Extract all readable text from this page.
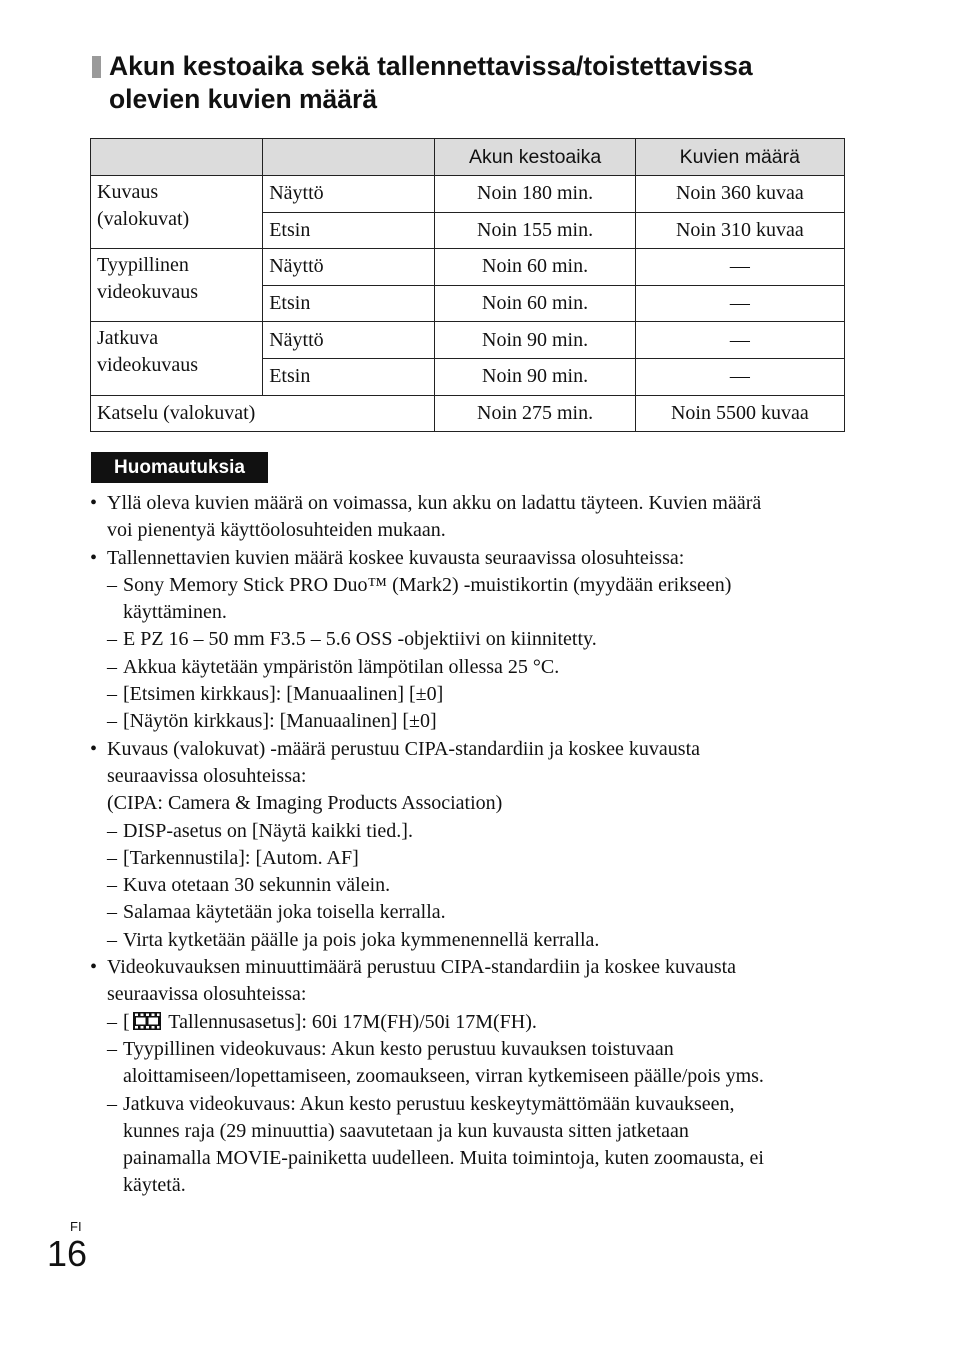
Akun kestoaika sekä tallennettavissa/toistettavissa
olevien kuvien määrä
		Akun kestoaika	Kuvien määrä

Kuvaus
(valokuvat)	Näyttö	Noin 180 min.	Noin 360 kuvaa
	Etsin	Noin 155 min.	Noin 310 kuvaa

Tyypillinen
videokuvaus	Näyttö	Noin 60 min.	—
	Etsin	Noin 60 min.	—

Jatkuva
videokuvaus	Näyttö	Noin 90 min.	—
	Etsin	Noin 90 min.	—
Katselu (valokuvat)		Noin 275 min.	Noin 5500 kuvaa
Huomautuksia
• Yllä oleva kuvien määrä on voimassa, kun akku on ladattu täyteen. Kuvien määrä
voi pienentyä käyttöolosuhteiden mukaan.
• Tallennettavien kuvien määrä koskee kuvausta seuraavissa olosuhteissa:
– Sony Memory Stick PRO Duo™ (Mark2) -muistikortin (myydään erikseen)
käyttäminen.
– E PZ 16 – 50 mm F3.5 – 5.6 OSS -objektiivi on kiinnitetty.
– Akkua käytetään ympäristön lämpötilan ollessa 25 °C.
– [Etsimen kirkkaus]: [Manuaalinen] [±0]
– [Näytön kirkkaus]: [Manuaalinen] [±0]
• Kuvaus (valokuvat) -määrä perustuu CIPA-standardiin ja koskee kuvausta
seuraavissa olosuhteissa:
(CIPA: Camera & Imaging Products Association)
– DISP-asetus on [Näytä kaikki tied.].
– [Tarkennustila]: [Autom. AF]
– Kuva otetaan 30 sekunnin välein.
– Salamaa käytetään joka toisella kerralla.
– Virta kytketään päälle ja pois joka kymmenennellä kerralla.
• Videokuvauksen minuuttimäärä perustuu CIPA-standardiin ja koskee kuvausta
seuraavissa olosuhteissa:
– [ Tallennusasetus]: 60i 17M(FH)/50i 17M(FH).
– Tyypillinen videokuvaus: Akun kesto perustuu kuvauksen toistuvaan
aloittamiseen/lopettamiseen, zoomaukseen, virran kytkemiseen päälle/pois yms.
– Jatkuva videokuvaus: Akun kesto perustuu keskeytymättömään kuvaukseen,
kunnes raja (29 minuuttia) saavutetaan ja kun kuvausta sitten jatketaan
painamalla MOVIE-painiketta uudelleen. Muita toimintoja, kuten zoomausta, ei
käytetä.
FI
16
